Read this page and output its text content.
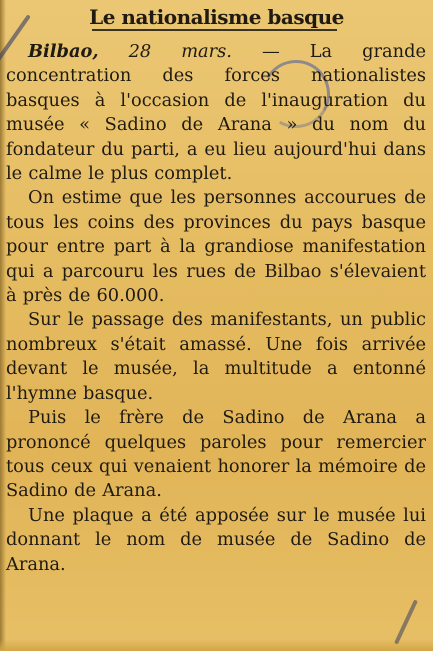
Le nationalisme basque

Bilbao, 28 mars. — La grande concentration des forces nationalistes basques à l'occasion de l'inauguration du musée « Sadino de Arana » du nom du fondateur du parti, a eu lieu aujourd'hui dans le calme le plus complet.

On estime que les personnes accourues de tous les coins des provinces du pays basque pour entre part à la grandiose manifestation qui a parcouru les rues de Bilbao s'élevaient à près de 60.000.

Sur le passage des manifestants, un public nombreux s'était amassé. Une fois arrivée devant le musée, la multitude a entonné l'hymne basque.

Puis le frère de Sadino de Arana a prononcé quelques paroles pour remercier tous ceux qui venaient honorer la mémoire de Sadino de Arana.

Une plaque a été apposée sur le musée lui donnant le nom de musée de Sadino de Arana.
